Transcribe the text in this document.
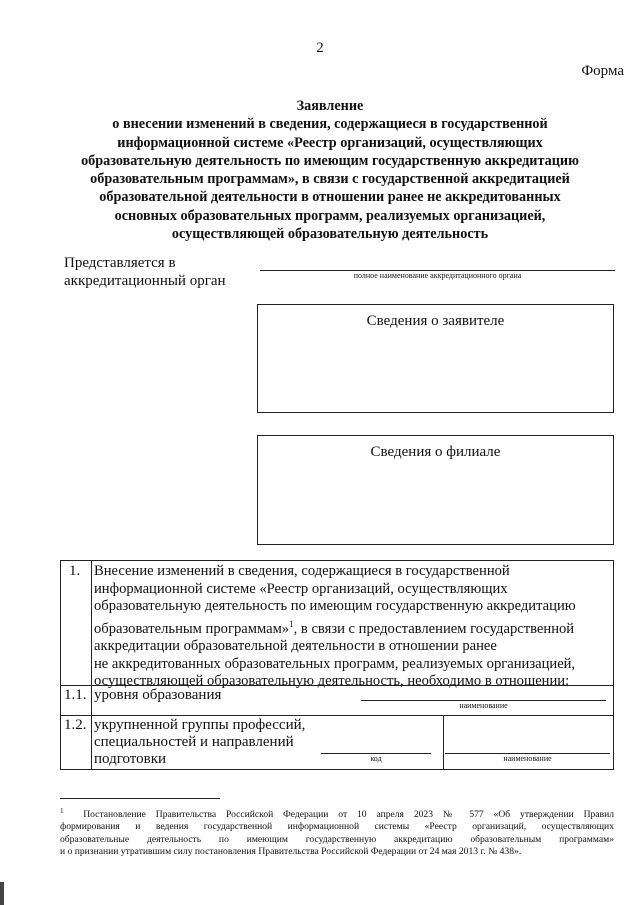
2
Форма
Заявление
о внесении изменений в сведения, содержащиеся в государственной
информационной системе «Реестр организаций, осуществляющих
образовательную деятельность по имеющим государственную аккредитацию
образовательным программам», в связи с государственной аккредитацией
образовательной деятельности в отношении ранее не аккредитованных
основных образовательных программ, реализуемых организацией,
осуществляющей образовательную деятельность
Представляется в
аккредитационный орган	полное наименование аккредитационного органа
Сведения о заявителе
Сведения о филиале
1. Внесение изменений в сведения, содержащиеся в государственной
информационной системе «Реестр организаций, осуществляющих
образовательную деятельность по имеющим государственную аккредитацию
образовательным программам»$^1$, в связи с предоставлением государственной
аккредитации образовательной деятельности в отношении ранее
не аккредитованных образовательных программ, реализуемых организацией,
осуществляющей образовательную деятельность, необходимо в отношении:
1.1. уровня образования
наименование
1.2. укрупненной группы профессий,
специальностей и направлений
подготовки	код	наименование
$^1$ Постановление Правительства Российской Федерации от 10 апреля 2023 № 577 «Об утверждении Правил
формирования и ведения государственной информационной системы «Реестр организаций, осуществляющих
образовательные деятельность по имеющим государственную аккредитацию образовательным программам»
и о признании утратившим силу постановления Правительства Российской Федерации от 24 мая 2013 г. № 438».
